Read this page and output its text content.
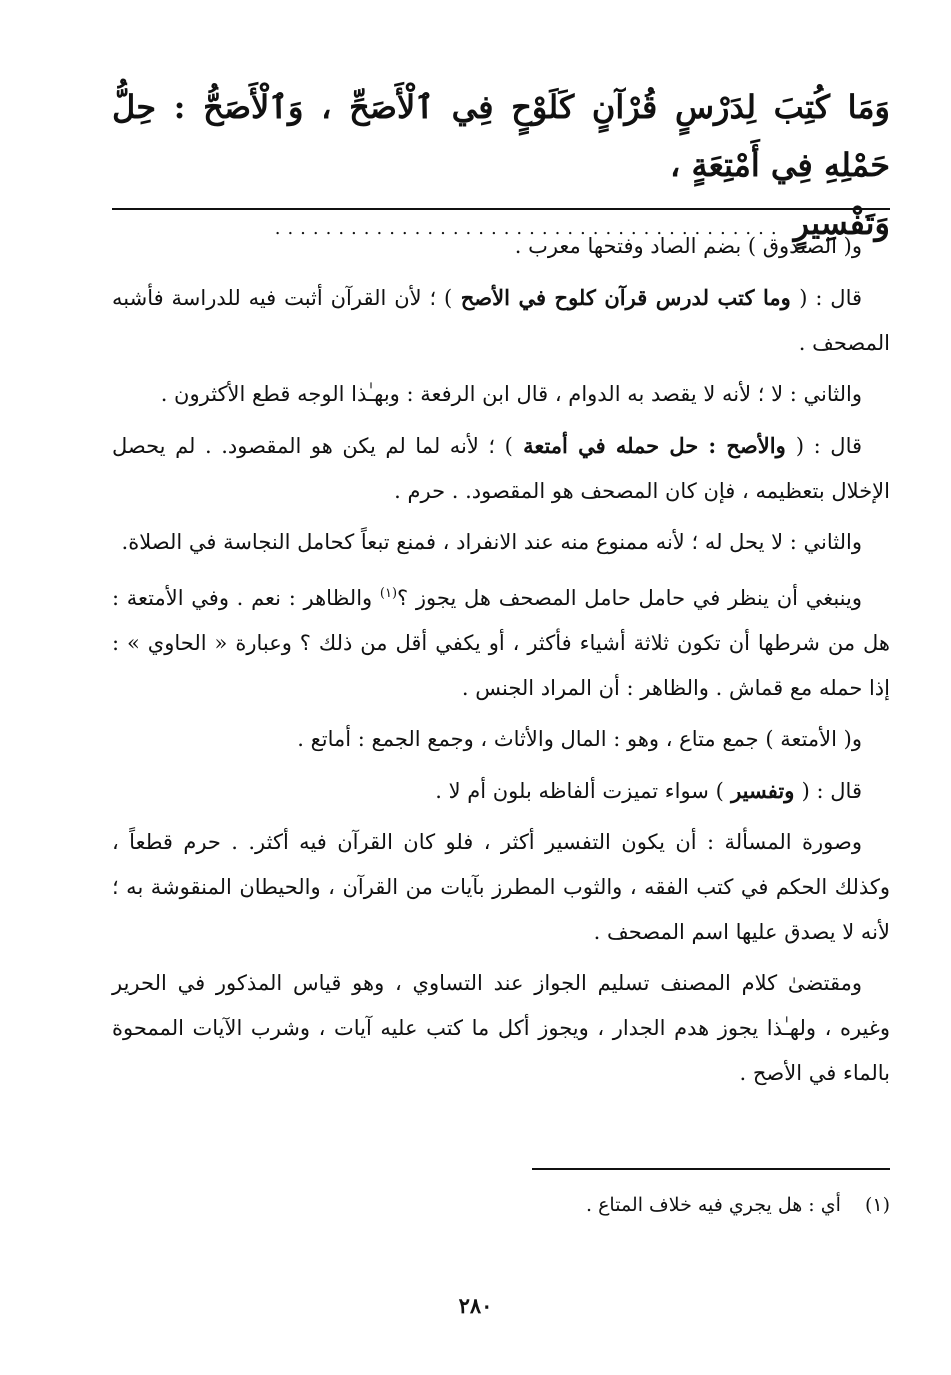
وَمَا كُتِبَ لِدَرْسٍ قُرْآنٍ كَلَوْحٍ فِي ٱلْأَصَحِّ ، وَٱلْأَصَحُّ : حِلُّ حَمْلِهِ فِي أَمْتِعَةٍ ،
وَتَفْسِيرٍ
........................................

و( الصندوق ) بضم الصاد وفتحها معرب .

قال : ( وما كتب لدرس قرآن كلوح في الأصح ) ؛ لأن القرآن أثبت فيه للدراسة فأشبه المصحف .

والثاني : لا ؛ لأنه لا يقصد به الدوام ، قال ابن الرفعة : وبهـٰذا الوجه قطع الأكثرون .

قال : ( والأصح : حل حمله في أمتعة ) ؛ لأنه لما لم يكن هو المقصود. . لم يحصل الإخلال بتعظيمه ، فإن كان المصحف هو المقصود. . حرم .

والثاني : لا يحل له ؛ لأنه ممنوع منه عند الانفراد ، فمنع تبعاً كحامل النجاسة في الصلاة.

وينبغي أن ينظر في حامل حامل المصحف هل يجوز ؟$^{(١)}$ والظاهر : نعم . وفي الأمتعة : هل من شرطها أن تكون ثلاثة أشياء فأكثر ، أو يكفي أقل من ذلك ؟ وعبارة « الحاوي » : إذا حمله مع قماش . والظاهر : أن المراد الجنس .

و( الأمتعة ) جمع متاع ، وهو : المال والأثاث ، وجمع الجمع : أماتع .

قال : ( وتفسير ) سواء تميزت ألفاظه بلون أم لا .

وصورة المسألة : أن يكون التفسير أكثر ، فلو كان القرآن فيه أكثر. . حرم قطعاً ، وكذلك الحكم في كتب الفقه ، والثوب المطرز بآيات من القرآن ، والحيطان المنقوشة به ؛ لأنه لا يصدق عليها اسم المصحف .

ومقتضىٰ كلام المصنف تسليم الجواز عند التساوي ، وهو قياس المذكور في الحرير وغيره ، ولهـٰذا يجوز هدم الجدار ، ويجوز أكل ما كتب عليه آيات ، وشرب الآيات الممحوة بالماء في الأصح .

(١) أي : هل يجري فيه خلاف المتاع .
٢٨٠
